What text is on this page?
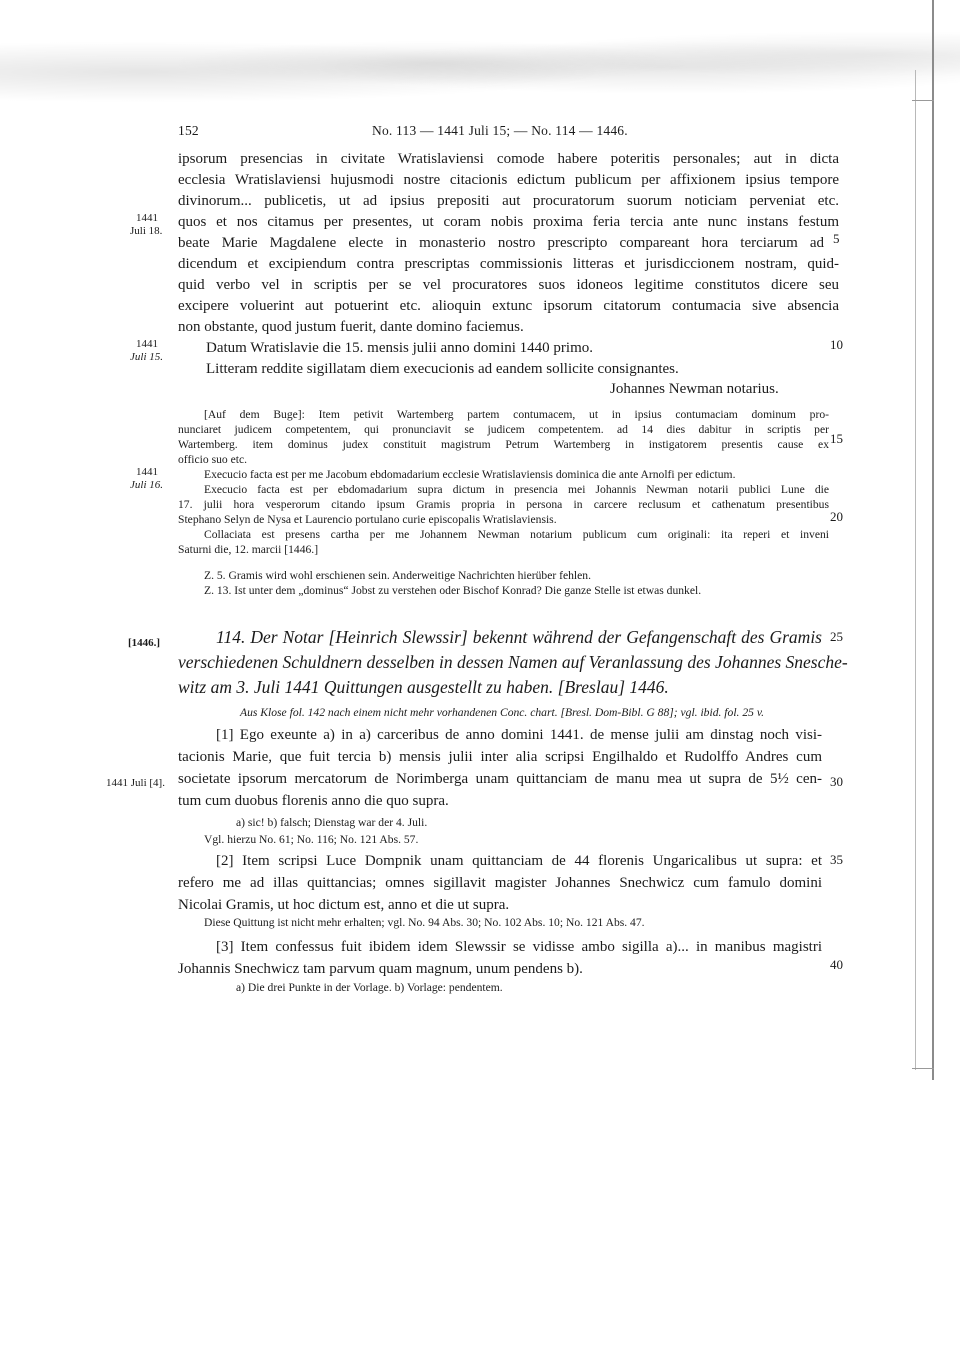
152	No. 113 — 1441 Juli 15; — No. 114 — 1446.
1441
Juli 18.
1441
Juli 15.
1441
Juli 16.
[1446.]
1441 Juli [4].
5
10
15
20
25
30
35
40
ipsorum presencias in civitate Wratislaviensi comode habere poteritis personales; aut in dicta
ecclesia Wratislaviensi hujusmodi nostre citacionis edictum publicum per affixionem ipsius tempore
divinorum... publicetis, ut ad ipsius prepositi aut procuratorum suorum noticiam perveniat etc.
quos et nos citamus per presentes, ut coram nobis proxima feria tercia ante nunc instans festum
beate Marie Magdalene electe in monasterio nostro prescripto compareant hora terciarum ad
dicendum et excipiendum contra prescriptas commissionis litteras et jurisdiccionem nostram, quid-
quid verbo vel in scriptis per se vel procuratores suos idoneos legitime constitutos dicere seu
excipere voluerint aut potuerint etc. alioquin extunc ipsorum citatorum contumacia sive absencia
non obstante, quod justum fuerit, dante domino faciemus.
Datum Wratislavie die 15. mensis julii anno domini 1440 primo.
Litteram reddite sigillatam diem execucionis ad eandem sollicite consignantes.
Johannes Newman notarius.
[Auf dem Buge]: Item petivit Wartemberg partem contumacem, ut in ipsius contumaciam dominum pro-
nunciaret judicem competentem, qui pronunciavit se judicem competentem. ad 14 dies dabitur in scriptis per
Wartemberg. item dominus judex constituit magistrum Petrum Wartemberg in instigatorem presentis cause ex
officio suo etc.
Execucio facta est per me Jacobum ebdomadarium ecclesie Wratislaviensis dominica die ante Arnolfi per edictum.
Execucio facta est per ebdomadarium supra dictum in presencia mei Johannis Newman notarii publici Lune die
17. julii hora vesperorum citando ipsum Gramis propria in persona in carcere reclusum et cathenatum presentibus
Stephano Selyn de Nysa et Laurencio portulano curie episcopalis Wratislaviensis.
Collaciata est presens cartha per me Johannem Newman notarium publicum cum originali: ita reperi et inveni
Saturni die, 12. marcii [1446.]
Z. 5. Gramis wird wohl erschienen sein. Anderweitige Nachrichten hierüber fehlen.
Z. 13. Ist unter dem „dominus“ Jobst zu verstehen oder Bischof Konrad? Die ganze Stelle ist etwas dunkel.
114. Der Notar [Heinrich Slewssir] bekennt während der Gefangenschaft des Gramis
verschiedenen Schuldnern desselben in dessen Namen auf Veranlassung des Johannes Snesche-
witz am 3. Juli 1441 Quittungen ausgestellt zu haben. [Breslau] 1446.
Aus Klose fol. 142 nach einem nicht mehr vorhandenen Conc. chart. [Bresl. Dom-Bibl. G 88]; vgl. ibid. fol. 25 v.
[1] Ego exeunte a) in a) carceribus de anno domini 1441. de mense julii am dinstag noch visi-
tacionis Marie, que fuit tercia b) mensis julii inter alia scripsi Engilhaldo et Rudolffo Andres cum
societate ipsorum mercatorum de Norimberga unam quittanciam de manu mea ut supra de 5½ cen-
tum cum duobus florenis anno die quo supra.
a) sic! b) falsch; Dienstag war der 4. Juli.
Vgl. hierzu No. 61; No. 116; No. 121 Abs. 57.
[2] Item scripsi Luce Dompnik unam quittanciam de 44 florenis Ungaricalibus ut supra: et
refero me ad illas quittancias; omnes sigillavit magister Johannes Snechwicz cum famulo domini
Nicolai Gramis, ut hoc dictum est, anno et die ut supra.
Diese Quittung ist nicht mehr erhalten; vgl. No. 94 Abs. 30; No. 102 Abs. 10; No. 121 Abs. 47.
[3] Item confessus fuit ibidem idem Slewssir se vidisse ambo sigilla a)... in manibus magistri
Johannis Snechwicz tam parvum quam magnum, unum pendens b).
a) Die drei Punkte in der Vorlage. b) Vorlage: pendentem.
